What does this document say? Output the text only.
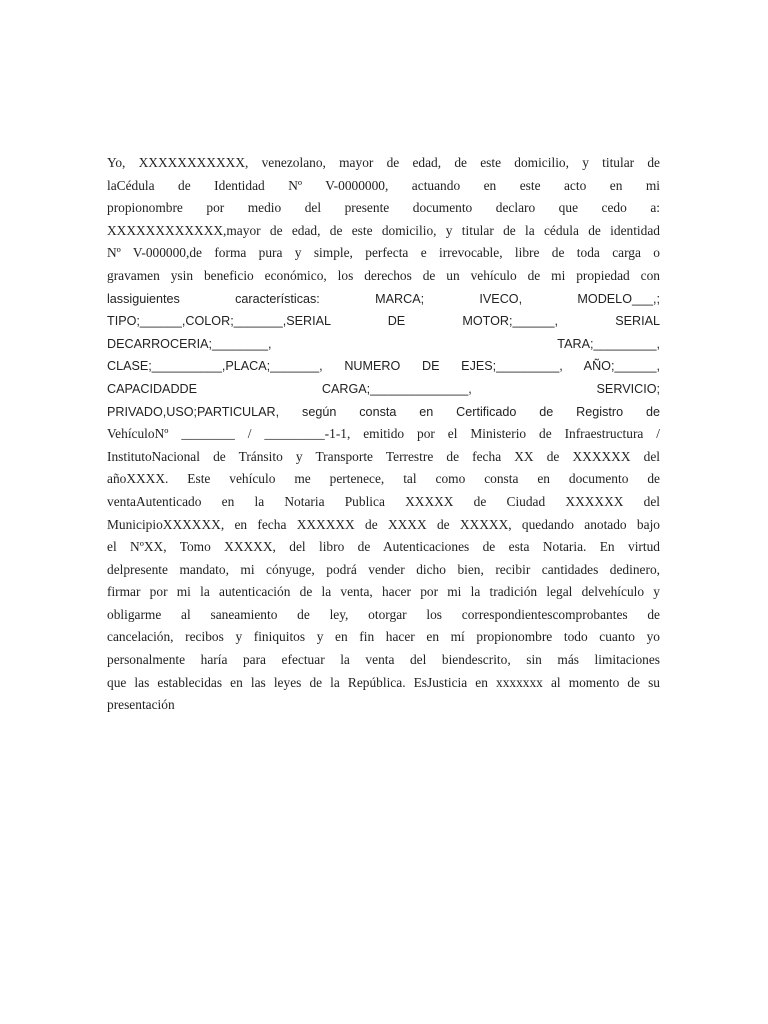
Yo, XXXXXXXXXXX, venezolano, mayor de edad, de este domicilio, y titular de
laCédula de Identidad Nº V-0000000, actuando en este acto en mi
propionombre por medio del presente documento declaro que cedo a:
XXXXXXXXXXXX,mayor de edad, de este domicilio, y titular de la cédula de identidad
Nº V-000000,de forma pura y simple, perfecta e irrevocable, libre de toda carga o
gravamen ysin beneficio económico, los derechos de un vehículo de mi propiedad con
lassiguientes características: MARCA; IVECO, MODELO___,;
TIPO;______,COLOR;_______,SERIAL DE MOTOR;______, SERIAL
DECARROCERIA;________, TARA;_________,
CLASE;__________,PLACA;_______, NUMERO DE EJES;_________, AÑO;______,
CAPACIDADDE CARGA;______________, SERVICIO;
PRIVADO,USO;PARTICULAR, según consta en Certificado de Registro de
VehículoNº ________ / _________-1-1, emitido por el Ministerio de Infraestructura /
InstitutoNacional de Tránsito y Transporte Terrestre de fecha XX de XXXXXX del
añoXXXX. Este vehículo me pertenece, tal como consta en documento de
ventaAutenticado en la Notaria Publica XXXXX de Ciudad XXXXXX del
MunicipioXXXXXX, en fecha XXXXXX de XXXX de XXXXX, quedando anotado bajo
el NºXX, Tomo XXXXX, del libro de Autenticaciones de esta Notaria. En virtud
delpresente mandato, mi cónyuge, podrá vender dicho bien, recibir cantidades dedinero,
firmar por mi la autenticación de la venta, hacer por mi la tradición legal delvehículo y
obligarme al saneamiento de ley, otorgar los correspondientescomprobantes de
cancelación, recibos y finiquitos y en fin hacer en mí propionombre todo cuanto yo
personalmente haría para efectuar la venta del biendescrito, sin más limitaciones
que las establecidas en las leyes de la República. EsJusticia en xxxxxxx al momento de su
presentación
